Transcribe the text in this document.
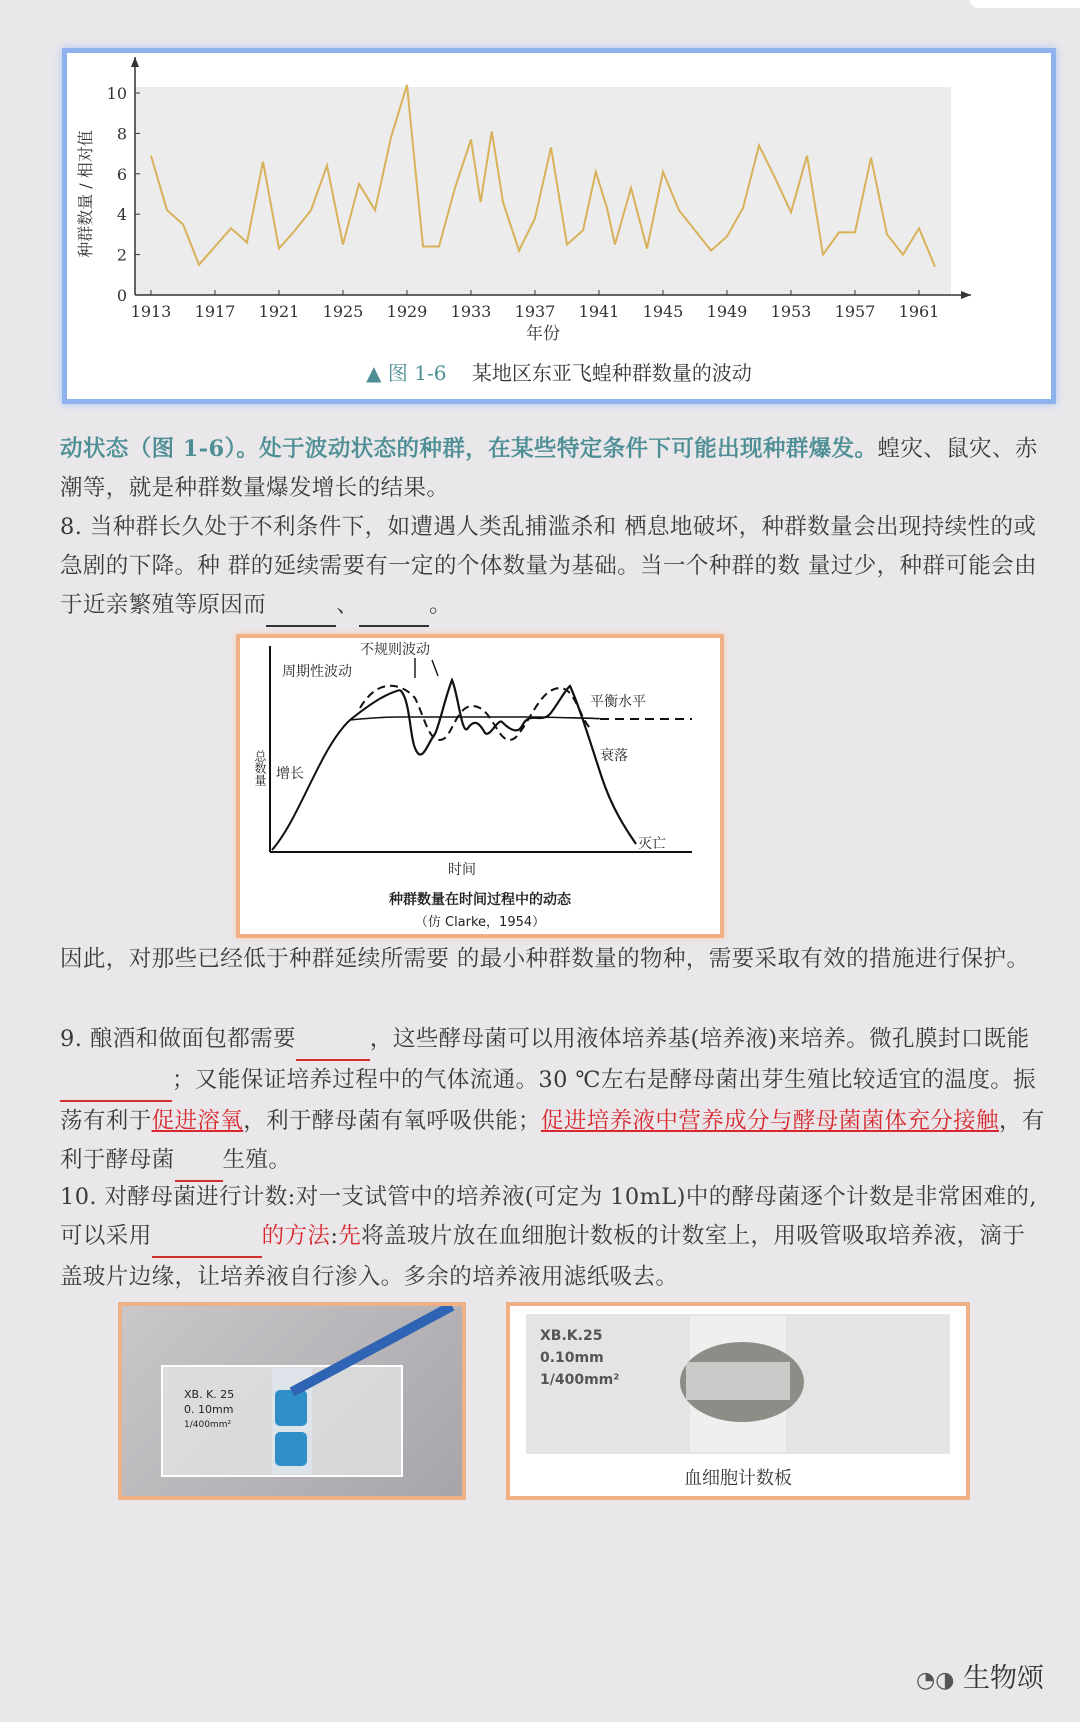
0
2
4
6
8
10
1913 1917 1921 1925 1929 1933 1937 1941 1945 1949 1953 1957 1961
年份
种群数量 / 相对值
▲ 图 1-6 某地区东亚飞蝗种群数量的波动
动状态（图 1-6）。处于波动状态的种群，在某些特定条件下可能出现种群爆发。蝗灾、鼠灾、赤潮等，就是种群数量爆发增长的结果。
8. 当种群长久处于不利条件下，如遭遇人类乱捕滥杀和 栖息地破坏，种群数量会出现持续性的或急剧的下降。种 群的延续需要有一定的个体数量为基础。当一个种群的数 量过少，种群可能会由于近亲繁殖等原因而	、	。
不规则波动
周期性波动
平衡水平
衰落
增长
灭亡
总数量
时间
种群数量在时间过程中的动态
（仿 Clarke，1954）
因此，对那些已经低于种群延续所需要 的最小种群数量的物种，需要采取有效的措施进行保护。
9. 酿酒和做面包都需要	，这些酵母菌可以用液体培养基(培养液)来培养。微孔膜封口既能 ；又能保证培养过程中的气体流通。30 ℃左右是酵母菌出芽生殖比较适宜的温度。振荡有利于促进溶氧，利于酵母菌有氧呼吸供能；促进培养液中营养成分与酵母菌菌体充分接触，有利于酵母菌 生殖。
10. 对酵母菌进行计数:对一支试管中的培养液(可定为 10mL)中的酵母菌逐个计数是非常困难的, 可以采用	的方法:先将盖玻片放在血细胞计数板的计数室上，用吸管吸取培养液，滴于盖玻片边缘，让培养液自行渗入。多余的培养液用滤纸吸去。
XB. K. 25
0. 10mm
1/400mm²
XB.K.25
0.10mm
1/400mm²
血细胞计数板
◔◑ 生物颂
